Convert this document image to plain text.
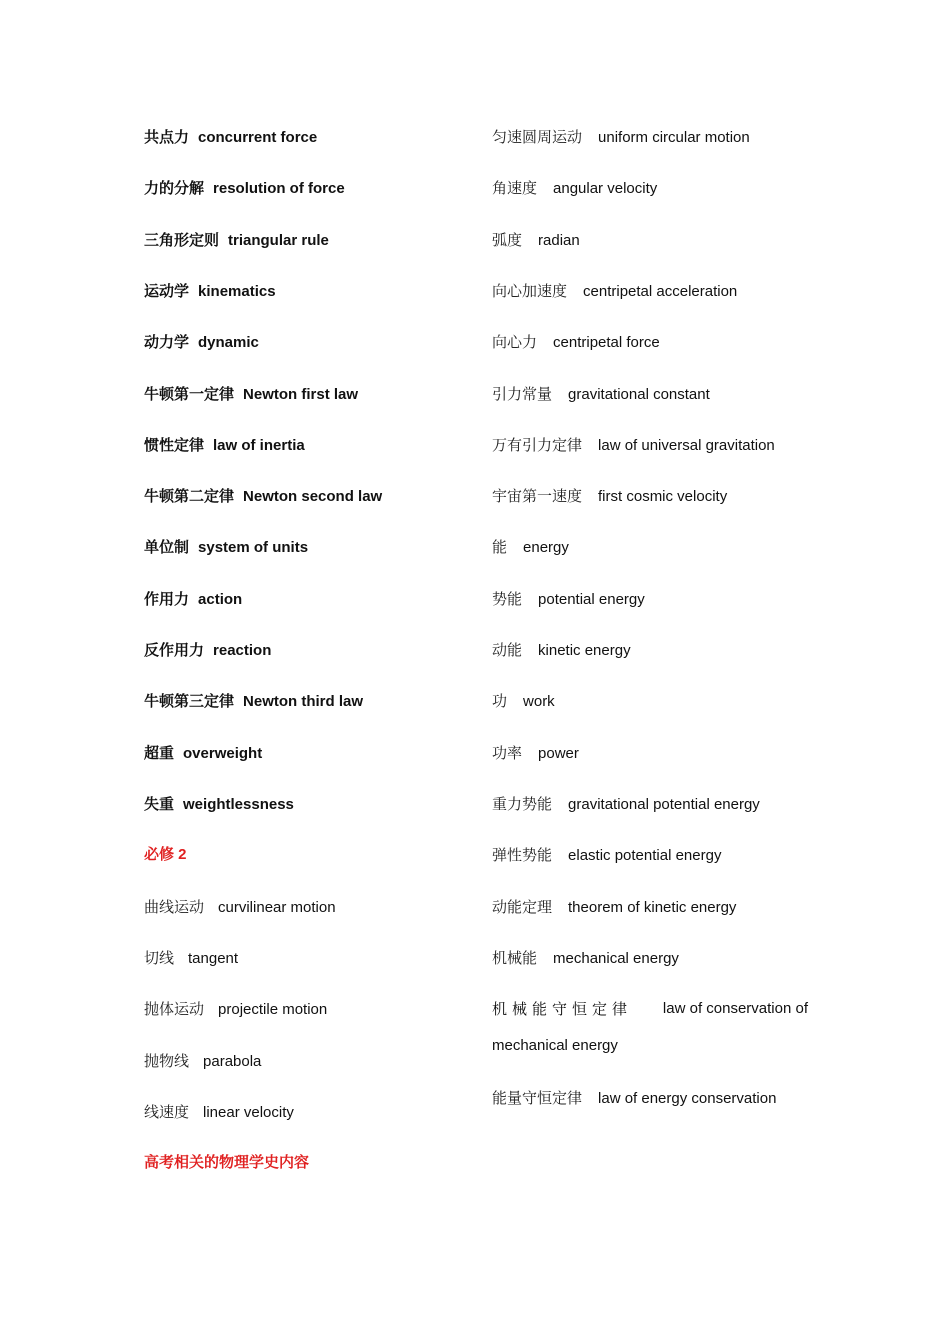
共点力 concurrent force
力的分解 resolution of force
三角形定则 triangular rule
运动学 kinematics
动力学 dynamic
牛顿第一定律 Newton first law
惯性定律 law of inertia
牛顿第二定律 Newton second law
单位制 system of units
作用力 action
反作用力 reaction
牛顿第三定律 Newton third law
超重 overweight
失重 weightlessness
必修 2
曲线运动 curvilinear motion
切线 tangent
抛体运动 projectile motion
抛物线 parabola
线速度 linear velocity
高考相关的物理学史内容
匀速圆周运动 uniform circular motion
角速度 angular velocity
弧度 radian
向心加速度 centripetal acceleration
向心力 centripetal force
引力常量 gravitational constant
万有引力定律 law of universal gravitation
宇宙第一速度 first cosmic velocity
能 energy
势能 potential energy
动能 kinetic energy
功 work
功率 power
重力势能 gravitational potential energy
弹性势能 elastic potential energy
动能定理 theorem of kinetic energy
机械能 mechanical energy
机械能守恒定律 law of conservation of
mechanical energy
能量守恒定律 law of energy conservation
